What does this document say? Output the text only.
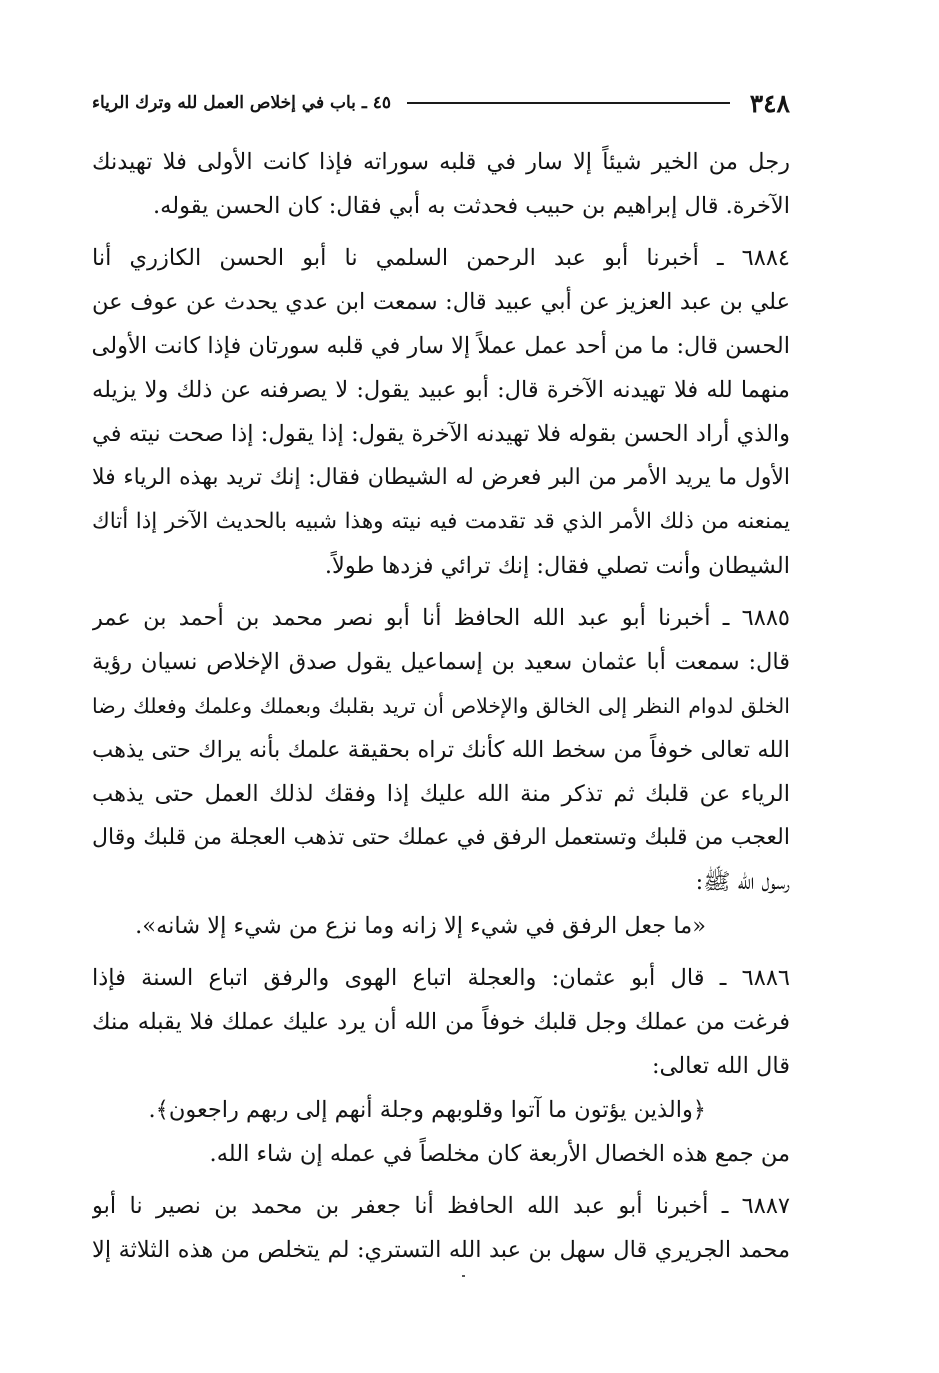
٣٤٨
٤٥ ـ باب في إخلاص العمل لله وترك الرياء
رجل من الخير شيئاً إلا سار في قلبه سوراته فإذا كانت الأولى فلا تهيدنك
الآخرة. قال إبراهيم بن حبيب فحدثت به أبي فقال: كان الحسن يقوله.
٦٨٨٤ ـ أخبرنا أبو عبد الرحمن السلمي نا أبو الحسن الكازري أنا
علي بن عبد العزيز عن أبي عبيد قال: سمعت ابن عدي يحدث عن عوف عن
الحسن قال: ما من أحد عمل عملاً إلا سار في قلبه سورتان فإذا كانت الأولى
منهما لله فلا تهيدنه الآخرة قال: أبو عبيد يقول: لا يصرفنه عن ذلك ولا يزيله
والذي أراد الحسن بقوله فلا تهيدنه الآخرة يقول: إذا يقول: إذا صحت نيته في
الأول ما يريد الأمر من البر فعرض له الشيطان فقال: إنك تريد بهذه الرياء فلا
يمنعنه من ذلك الأمر الذي قد تقدمت فيه نيته وهذا شبيه بالحديث الآخر إذا أتاك
الشيطان وأنت تصلي فقال: إنك ترائي فزدها طولاً.
٦٨٨٥ ـ أخبرنا أبو عبد الله الحافظ أنا أبو نصر محمد بن أحمد بن عمر
قال: سمعت أبا عثمان سعيد بن إسماعيل يقول صدق الإخلاص نسيان رؤية
الخلق لدوام النظر إلى الخالق والإخلاص أن تريد بقلبك وبعملك وعلمك وفعلك رضا
الله تعالى خوفاً من سخط الله كأنك تراه بحقيقة علمك بأنه يراك حتى يذهب
الرياء عن قلبك ثم تذكر منة الله عليك إذا وفقك لذلك العمل حتى يذهب
العجب من قلبك وتستعمل الرفق في عملك حتى تذهب العجلة من قلبك وقال
رسول الله ﷺ:
«ما جعل الرفق في شيء إلا زانه وما نزع من شيء إلا شانه».
٦٨٨٦ ـ قال أبو عثمان: والعجلة اتباع الهوى والرفق اتباع السنة فإذا
فرغت من عملك وجل قلبك خوفاً من الله أن يرد عليك عملك فلا يقبله منك
قال الله تعالى:
﴿والذين يؤتون ما آتوا وقلوبهم وجلة أنهم إلى ربهم راجعون﴾.
من جمع هذه الخصال الأربعة كان مخلصاً في عمله إن شاء الله.
٦٨٨٧ ـ أخبرنا أبو عبد الله الحافظ أنا جعفر بن محمد بن نصير نا أبو
محمد الجريري قال سهل بن عبد الله التستري: لم يتخلص من هذه الثلاثة إلا
